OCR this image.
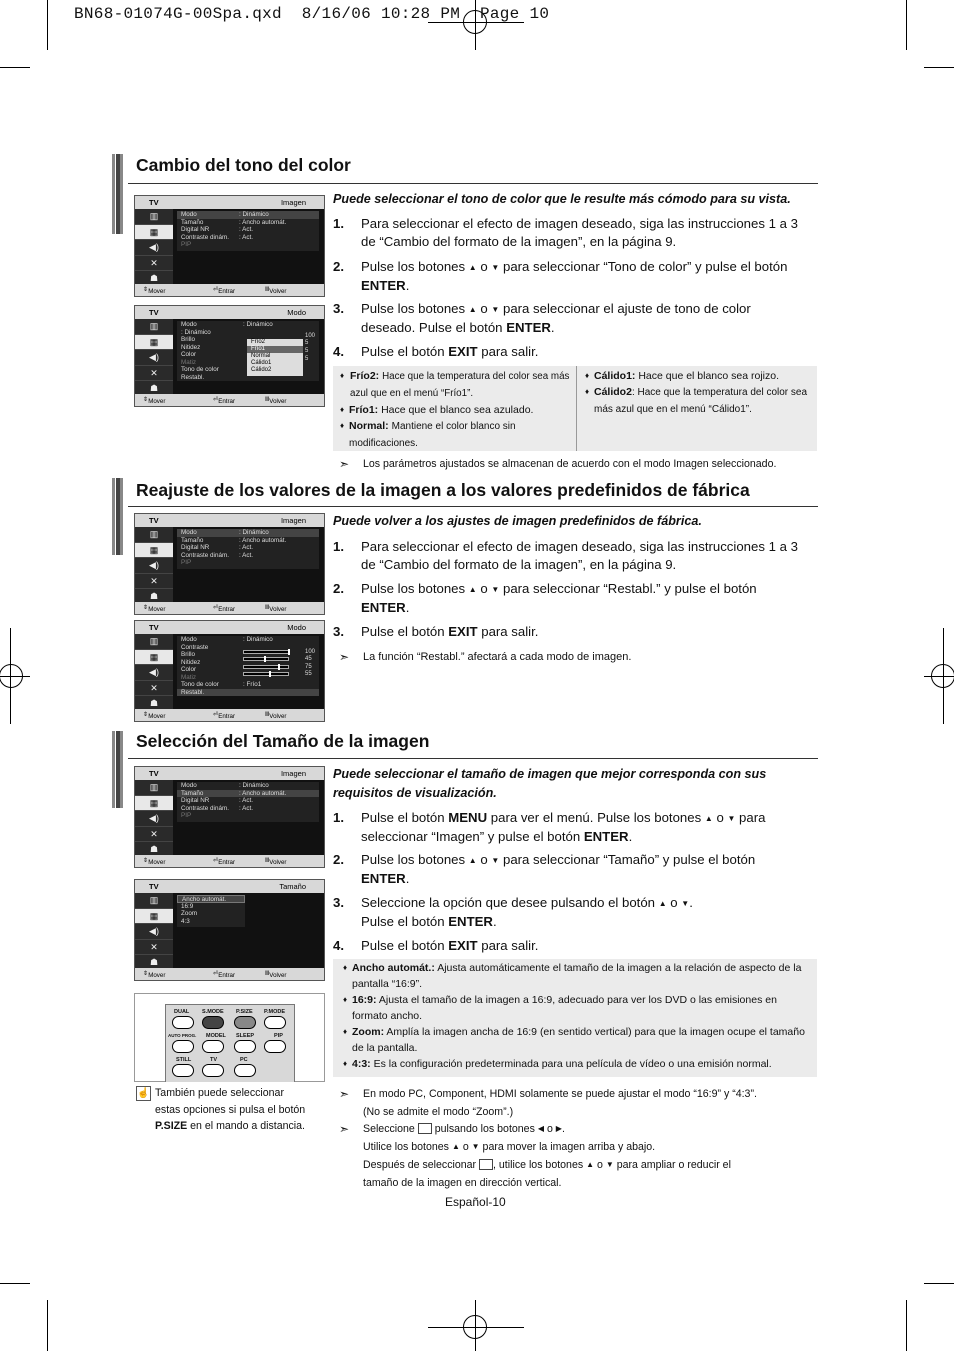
BN68-01074G-00Spa.qxd  8/16/06 10:28 PM  Page 10
Cambio del tono del color
Puede seleccionar el tono de color que le resulte más cómodo para su vista.
1. Para seleccionar el efecto de imagen deseado, siga las instrucciones 1 a 3 de “Cambio del formato de la imagen”, en la página 9.
2. Pulse los botones ▲ o ▼ para seleccionar “Tono de color” y pulse el botón ENTER.
3. Pulse los botones ▲ o ▼ para seleccionar el ajuste de tono de color deseado. Pulse el botón ENTER.
4. Pulse el botón EXIT para salir.
♦ Frío2: Hace que la temperatura del color sea más azul que en el menú “Frío1”.
♦ Frío1: Hace que el blanco sea azulado.
♦ Normal: Mantiene el color blanco sin modificaciones.
♦ Cálido1: Hace que el blanco sea rojizo.
♦ Cálido2: Hace que la temperatura del color sea más azul que en el menú “Cálido1”.
➣ Los parámetros ajustados se almacenan de acuerdo con el modo Imagen seleccionado.
TV	Imagen
▥
▦
◀)
✕
☗
Modo	: Dinámico
Tamaño	: Ancho automát.
Digital NR	: Act.
Contraste dinám. : Act.
PIP
⇕ Mover	⏎ Entrar	Ⅲ Volver
TV	Modo
▥
▦
◀)
✕
☗
Modo	: Dinámico
: Dinámico
Brillo
Nitidez
Color
Matiz
Tono de color
Restabl.
100
5
5
5
Frío2
Frío1
Normal
Cálido1
Cálido2
⇕ Mover	⏎ Entrar	Ⅲ Volver
Reajuste de los valores de la imagen a los valores predefinidos de fábrica
Puede volver a los ajustes de imagen predefinidos de fábrica.
1. Para seleccionar el efecto de imagen deseado, siga las instrucciones 1 a 3 de “Cambio del formato de la imagen”, en la página 9.
2. Pulse los botones ▲ o ▼ para seleccionar “Restabl.” y pulse el botón ENTER.
3. Pulse el botón EXIT para salir.
➣ La función “Restabl.” afectará a cada modo de imagen.
TV	Imagen
▥
▦
◀)
✕
☗
Modo	: Dinámico
Tamaño	: Ancho automát.
Digital NR	: Act.
Contraste dinám. : Act.
PIP
⇕ Mover	⏎ Entrar	Ⅲ Volver
TV	Modo
▥
▦
◀)
✕
☗
Modo	: Dinámico
Contraste
Brillo
Nitidez
Color
Matiz
Tono de color	: Frío1
Restabl.
100
45
75
55
⇕ Mover	⏎ Entrar	Ⅲ Volver
Selección del Tamaño de la imagen
Puede seleccionar el tamaño de imagen que mejor corresponda con sus
requisitos de visualización.
1. Pulse el botón MENU para ver el menú. Pulse los botones ▲ o ▼ para seleccionar “Imagen” y pulse el botón ENTER.
2. Pulse los botones ▲ o ▼ para seleccionar “Tamaño” y pulse el botón ENTER.
3. Seleccione la opción que desee pulsando el botón ▲ o ▼.
Pulse el botón ENTER.
4. Pulse el botón EXIT para salir.
♦ Ancho automát.: Ajusta automáticamente el tamaño de la imagen a la relación de aspecto de la pantalla “16:9”.
♦ 16:9: Ajusta el tamaño de la imagen a 16:9, adecuado para ver los DVD o las emisiones en formato ancho.
♦ Zoom: Amplía la imagen ancha de 16:9 (en sentido vertical) para que la imagen ocupe el tamaño de la pantalla.
♦ 4:3: Es la configuración predeterminada para una película de vídeo o una emisión normal.
➣ En modo PC, Component, HDMI solamente se puede ajustar el modo “16:9” y “4:3”.
(No se admite el modo “Zoom”.)
➣ Seleccione pulsando los botones ◀ o ▶.
Utilice los botones ▲ o ▼ para mover la imagen arriba y abajo.
Después de seleccionar , utilice los botones ▲ o ▼ para ampliar o reducir el
tamaño de la imagen en dirección vertical.
TV	Imagen
▥
▦
◀)
✕
☗
Modo	: Dinámico
Tamaño	: Ancho automát.
Digital NR	: Act.
Contraste dinám. : Act.
PIP
⇕ Mover	⏎ Entrar	Ⅲ Volver
TV	Tamaño
▥
▦
◀)
✕
☗
Ancho automát.
16:9
Zoom
4:3
⇕ Mover	⏎ Entrar	Ⅲ Volver
DUAL S.MODE P.SIZE P.MODE
AUTO PROG. MODEL SLEEP	PIP
STILL	TV	PC
☝ También puede seleccionar
estas opciones si pulsa el botón
P.SIZE en el mando a distancia.
Español-10
